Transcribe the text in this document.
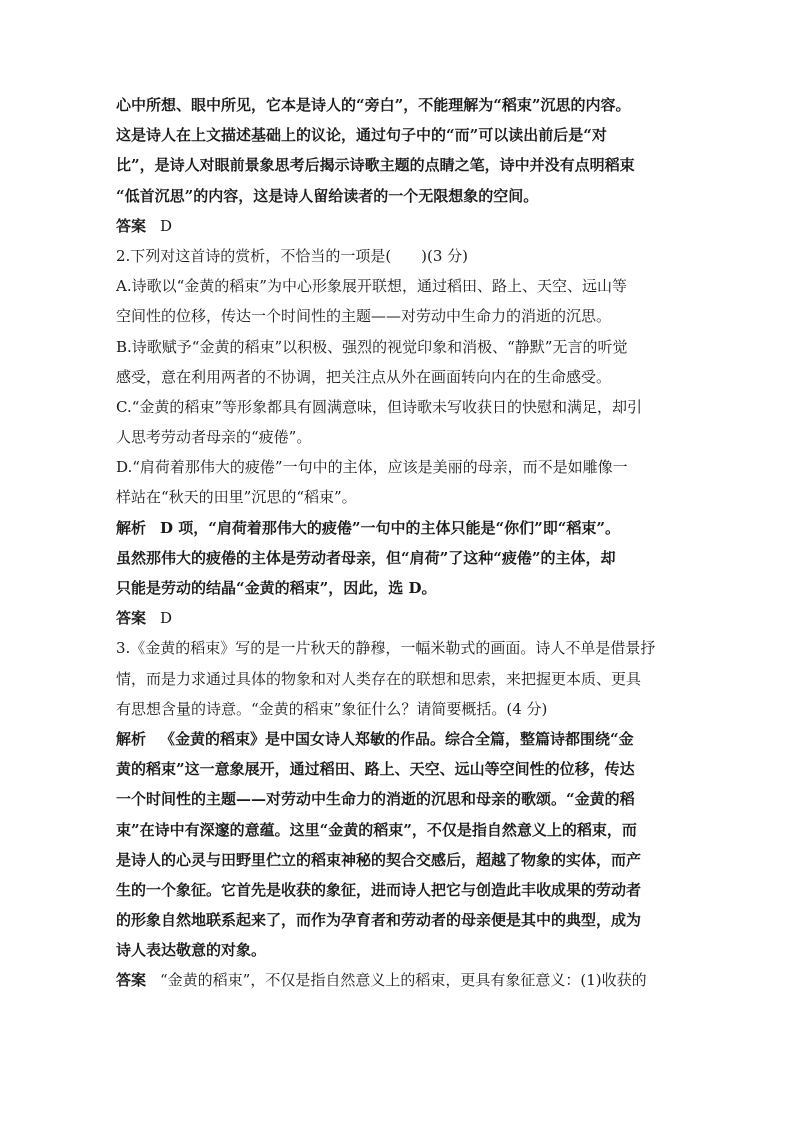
心中所想、眼中所见，它本是诗人的“旁白”，不能理解为“稻束”沉思的内容。
这是诗人在上文描述基础上的议论，通过句子中的“而”可以读出前后是“对
比”，是诗人对眼前景象思考后揭示诗歌主题的点睛之笔，诗中并没有点明稻束
“低首沉思”的内容，这是诗人留给读者的一个无限想象的空间。
答案 D
2.下列对这首诗的赏析，不恰当的一项是(　　)(3 分)
A.诗歌以“金黄的稻束”为中心形象展开联想，通过稻田、路上、天空、远山等
空间性的位移，传达一个时间性的主题——对劳动中生命力的消逝的沉思。
B.诗歌赋予“金黄的稻束”以积极、强烈的视觉印象和消极、“静默”无言的听觉
感受，意在利用两者的不协调，把关注点从外在画面转向内在的生命感受。
C.“金黄的稻束”等形象都具有圆满意味，但诗歌未写收获日的快慰和满足，却引
人思考劳动者母亲的“疲倦”。
D.“肩荷着那伟大的疲倦”一句中的主体，应该是美丽的母亲，而不是如雕像一
样站在“秋天的田里”沉思的“稻束”。
解析 D 项，“肩荷着那伟大的疲倦”一句中的主体只能是“你们”即“稻束”。
虽然那伟大的疲倦的主体是劳动者母亲，但“肩荷”了这种“疲倦”的主体，却
只能是劳动的结晶“金黄的稻束”，因此，选 D。
答案 D
3.《金黄的稻束》写的是一片秋天的静穆，一幅米勒式的画面。诗人不单是借景抒
情，而是力求通过具体的物象和对人类存在的联想和思索，来把握更本质、更具
有思想含量的诗意。“金黄的稻束”象征什么？请简要概括。(4 分)
解析 《金黄的稻束》是中国女诗人郑敏的作品。综合全篇，整篇诗都围绕“金
黄的稻束”这一意象展开，通过稻田、路上、天空、远山等空间性的位移，传达
一个时间性的主题——对劳动中生命力的消逝的沉思和母亲的歌颂。“金黄的稻
束”在诗中有深邃的意蕴。这里“金黄的稻束”，不仅是指自然意义上的稻束，而
是诗人的心灵与田野里伫立的稻束神秘的契合交感后，超越了物象的实体，而产
生的一个象征。它首先是收获的象征，进而诗人把它与创造此丰收成果的劳动者
的形象自然地联系起来了，而作为孕育者和劳动者的母亲便是其中的典型，成为
诗人表达敬意的对象。
答案 “金黄的稻束”，不仅是指自然意义上的稻束，更具有象征意义：(1)收获的
